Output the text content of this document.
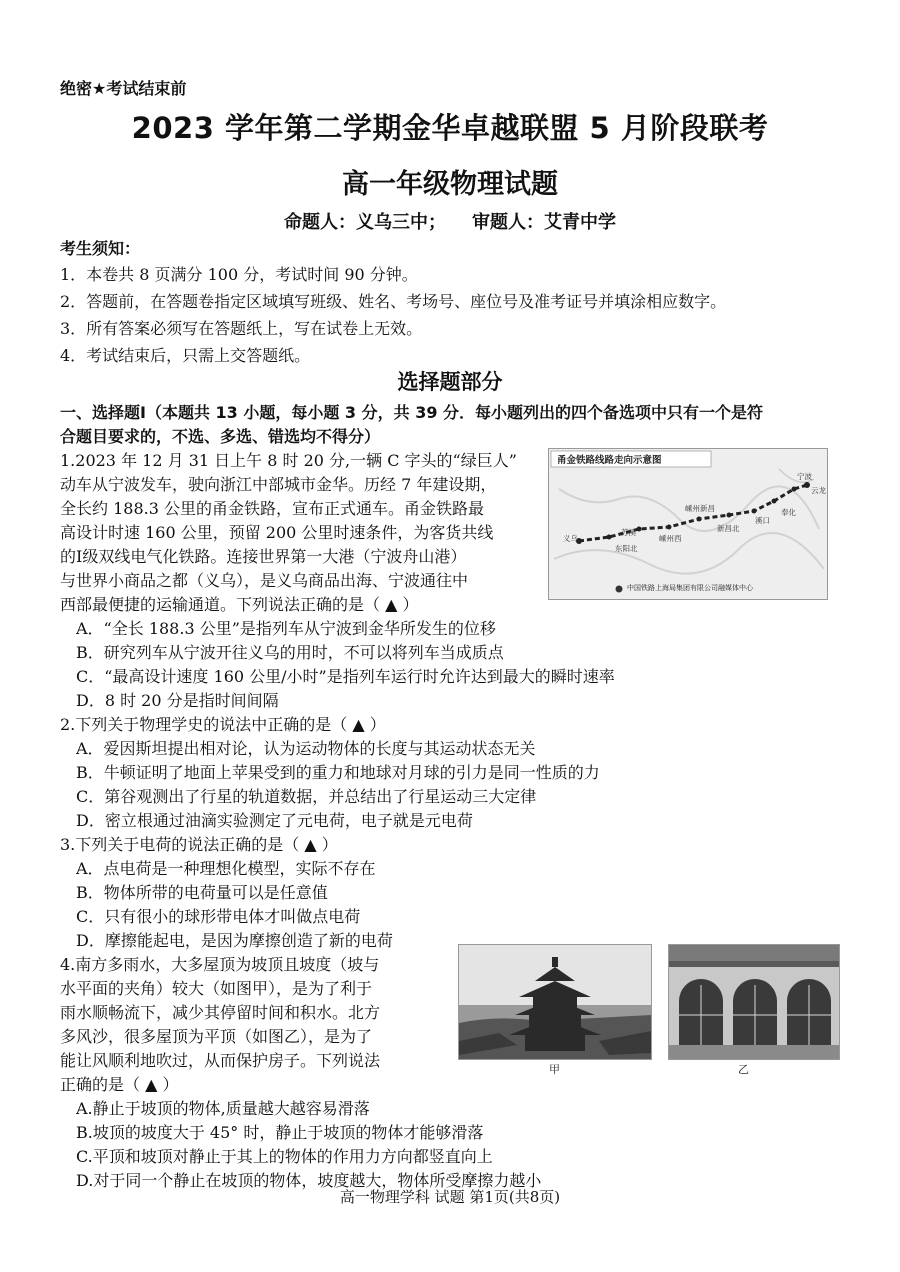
绝密★考试结束前
2023 学年第二学期金华卓越联盟 5 月阶段联考
高一年级物理试题
命题人：义乌三中； 审题人：艾青中学
考生须知：
1．本卷共 8 页满分 100 分，考试时间 90 分钟。
2．答题前，在答题卷指定区域填写班级、姓名、考场号、座位号及准考证号并填涂相应数字。
3．所有答案必须写在答题纸上，写在试卷上无效。
4．考试结束后，只需上交答题纸。
选择题部分
一、选择题Ⅰ（本题共 13 小题，每小题 3 分，共 39 分．每小题列出的四个备选项中只有一个是符
合题目要求的，不选、多选、错选均不得分）
1.2023 年 12 月 31 日上午 8 时 20 分,一辆 C 字头的“绿巨人”
动车从宁波发车，驶向浙江中部城市金华。历经 7 年建设期，
全长约 188.3 公里的甬金铁路，宣布正式通车。甬金铁路最
高设计时速 160 公里，预留 200 公里时速条件，为客货共线
的Ⅰ级双线电气化铁路。连接世界第一大港（宁波舟山港）
与世界小商品之都（义乌），是义乌商品出海、宁波通往中
西部最便捷的运输通道。下列说法正确的是（ ▲ ）
A．“全长 188.3 公里”是指列车从宁波到金华所发生的位移
B．研究列车从宁波开往义乌的用时，不可以将列车当成质点
C．“最高设计速度 160 公里/小时”是指列车运行时允许达到最大的瞬时速率
D．8 时 20 分是指时间间隔
宁波
云龙
奉化
溪口
新昌北
嵊州新昌
嵊州西
东阳北
苏溪
义乌
甬金铁路线路走向示意图
中国铁路上海局集团有限公司融媒体中心
2.下列关于物理学史的说法中正确的是（ ▲ ）
A．爱因斯坦提出相对论，认为运动物体的长度与其运动状态无关
B．牛顿证明了地面上苹果受到的重力和地球对月球的引力是同一性质的力
C．第谷观测出了行星的轨道数据，并总结出了行星运动三大定律
D．密立根通过油滴实验测定了元电荷，电子就是元电荷
3.下列关于电荷的说法正确的是（ ▲ ）
A．点电荷是一种理想化模型，实际不存在
B．物体所带的电荷量可以是任意值
C．只有很小的球形带电体才叫做点电荷
D．摩擦能起电，是因为摩擦创造了新的电荷
4.南方多雨水，大多屋顶为坡顶且坡度（坡与
水平面的夹角）较大（如图甲），是为了利于
雨水顺畅流下，减少其停留时间和积水。北方
多风沙，很多屋顶为平顶（如图乙），是为了
能让风顺利地吹过，从而保护房子。下列说法
正确的是（ ▲ ）
A.静止于坡顶的物体,质量越大越容易滑落
B.坡顶的坡度大于 45° 时，静止于坡顶的物体才能够滑落
C.平顶和坡顶对静止于其上的物体的作用力方向都竖直向上
D.对于同一个静止在坡顶的物体，坡度越大，物体所受摩擦力越小
甲	乙
高一物理学科 试题 第1页(共8页)
